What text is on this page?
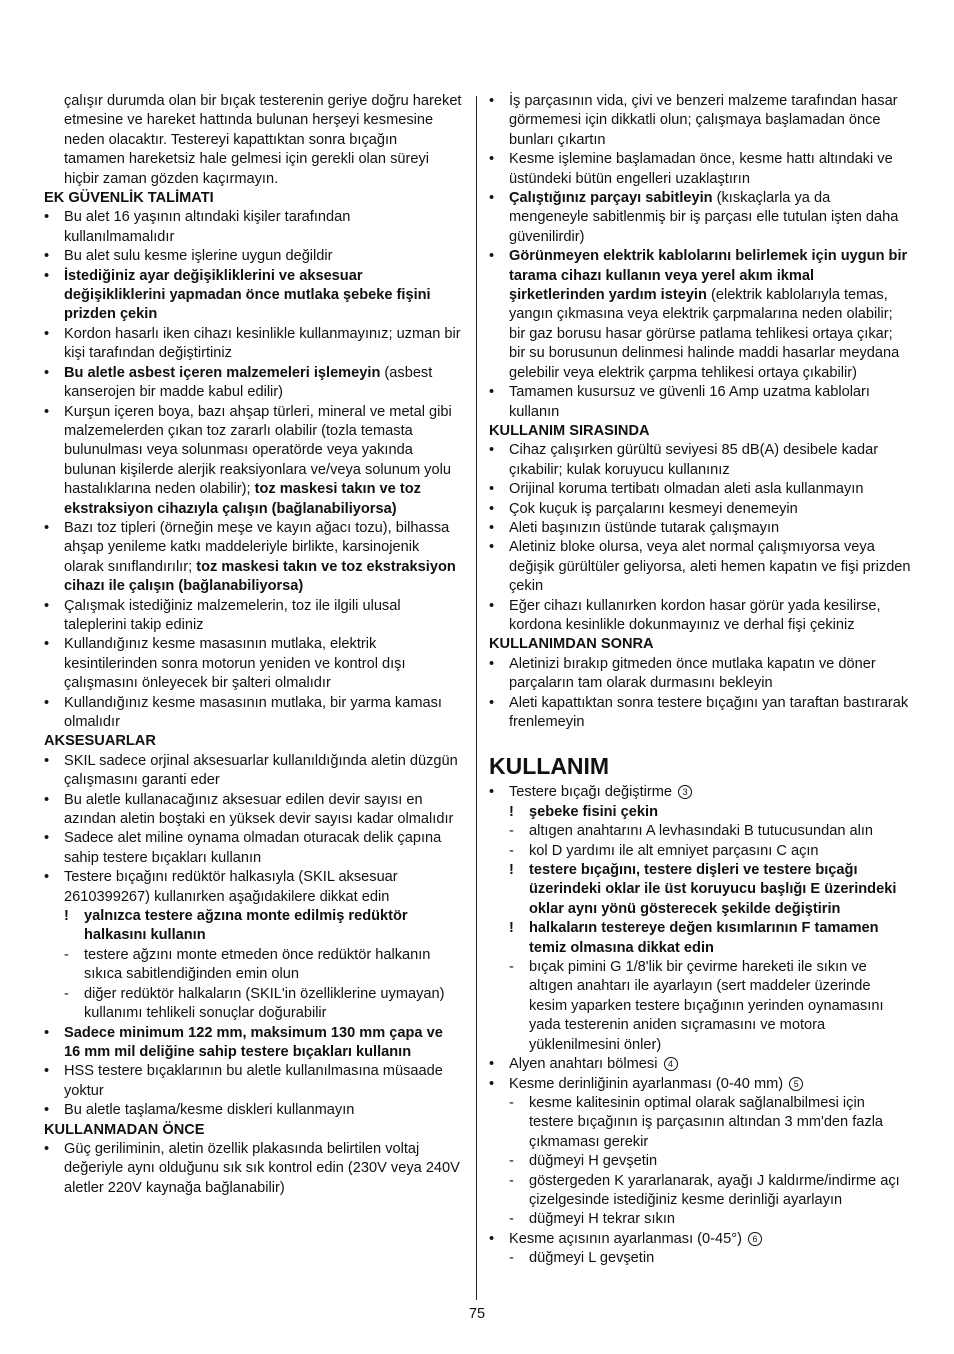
çalışır durumda olan bir bıçak testerenin geriye doğru hareket etmesine ve hareket hattında bulunan herşeyi kesmesine neden olacaktır. Testereyi kapattıktan sonra bıçağın tamamen hareketsiz hale gelmesi için gerekli olan süreyi hiçbir zaman gözden kaçırmayın.

EK GÜVENLİK TALİMATI

•	Bu alet 16 yaşının altındaki kişiler tarafından kullanılmamalıdır
•	Bu alet sulu kesme işlerine uygun değildir
•	İstediğiniz ayar değişikliklerini ve aksesuar değişikliklerini yapmadan önce mutlaka şebeke fişini prizden çekin
•	Kordon hasarlı iken cihazı kesinlikle kullanmayınız; uzman bir kişi tarafından değiştirtiniz
•	Bu aletle asbest içeren malzemeleri işlemeyin (asbest kanserojen bir madde kabul edilir)
•	Kurşun içeren boya, bazı ahşap türleri, mineral ve metal gibi malzemelerden çıkan toz zararlı olabilir (tozla temasta bulunulması veya solunması operatörde veya yakında bulunan kişilerde alerjik reaksiyonlara ve/veya solunum yolu hastalıklarına neden olabilir); toz maskesi takın ve toz ekstraksiyon cihazıyla çalışın (bağlanabiliyorsa)
•	Bazı toz tipleri (örneğin meşe ve kayın ağacı tozu), bilhassa ahşap yenileme katkı maddeleriyle birlikte, karsinojenik olarak sınıflandırılır; toz maskesi takın ve toz ekstraksiyon cihazı ile çalışın (bağlanabiliyorsa)
•	Çalışmak istediğiniz malzemelerin, toz ile ilgili ulusal taleplerini takip ediniz
•	Kullandığınız kesme masasının mutlaka, elektrik kesintilerinden sonra motorun yeniden ve kontrol dışı çalışmasını önleyecek bir şalteri olmalıdır
•	Kullandığınız kesme masasının mutlaka, bir yarma kaması olmalıdır

AKSESUARLAR

•	SKIL sadece orjinal aksesuarlar kullanıldığında aletin düzgün çalışmasını garanti eder
•	Bu aletle kullanacağınız aksesuar edilen devir sayısı en azından aletin boştaki en yüksek devir sayısı kadar olmalıdır
•	Sadece alet miline oynama olmadan oturacak delik çapına sahip testere bıçakları kullanın
•	Testere bıçağını redüktör halkasıyla (SKIL aksesuar 2610399267) kullanırken aşağıdakilere dikkat edin
! yalnızca testere ağzına monte edilmiş redüktör halkasını kullanın
- testere ağzını monte etmeden önce redüktör halkanın sıkıca sabitlendiğinden emin olun
- diğer redüktör halkaların (SKIL'in özelliklerine uymayan) kullanımı tehlikeli sonuçlar doğurabilir
•	Sadece minimum 122 mm, maksimum 130 mm çapa ve 16 mm mil deliğine sahip testere bıçakları kullanın
•	HSS testere bıçaklarının bu aletle kullanılmasına müsaade yoktur
•	Bu aletle taşlama/kesme diskleri kullanmayın

KULLANMADAN ÖNCE

•	Güç geriliminin, aletin özellik plakasında belirtilen voltaj değeriyle aynı olduğunu sık sık kontrol edin (230V veya 240V aletler 220V kaynağa bağlanabilir)
•	İş parçasının vida, çivi ve benzeri malzeme tarafından hasar görmemesi için dikkatli olun; çalışmaya başlamadan önce bunları çıkartın
•	Kesme işlemine başlamadan önce, kesme hattı altındaki ve üstündeki bütün engelleri uzaklaştırın
•	Çalıştığınız parçayı sabitleyin (kıskaçlarla ya da mengeneyle sabitlenmiş bir iş parçası elle tutulan işten daha güvenilirdir)
•	Görünmeyen elektrik kablolarını belirlemek için uygun bir tarama cihazı kullanın veya yerel akım ikmal şirketlerinden yardım isteyin (elektrik kablolarıyla temas, yangın çıkmasına veya elektrik çarpmalarına neden olabilir; bir gaz borusu hasar görürse patlama tehlikesi ortaya çıkar; bir su borusunun delinmesi halinde maddi hasarlar meydana gelebilir veya elektrik çarpma tehlikesi ortaya çıkabilir)
•	Tamamen kusursuz ve güvenli 16 Amp uzatma kabloları kullanın

KULLANIM SIRASINDA

•	Cihaz çalışırken gürültü seviyesi 85 dB(A) desibele kadar çıkabilir; kulak koruyucu kullanınız
•	Orijinal koruma tertibatı olmadan aleti asla kullanmayın
•	Çok kuçuk iş parçalarını kesmeyi denemeyin
•	Aleti başınızın üstünde tutarak çalışmayın
•	Aletiniz bloke olursa, veya alet normal çalışmıyorsa veya değişik gürültüler geliyorsa, aleti hemen kapatın ve fişi prizden çekin
•	Eğer cihazı kullanırken kordon hasar görür yada kesilirse, kordona kesinlikle dokunmayınız ve derhal fişi çekiniz

KULLANIMDAN SONRA

•	Aletinizi bırakıp gitmeden önce mutlaka kapatın ve döner parçaların tam olarak durmasını bekleyin
•	Aleti kapattıktan sonra testere bıçağını yan taraftan bastırarak frenlemeyin

KULLANIM

•	Testere bıçağı değiştirme 3
! şebeke fisini çekin
- altıgen anahtarını A levhasındaki B tutucusundan alın
- kol D yardımı ile alt emniyet parçasını C açın
! testere bıçağını, testere dişleri ve testere bıçağı üzerindeki oklar ile üst koruyucu başlığı E üzerindeki oklar aynı yönü gösterecek şekilde değiştirin
! halkaların testereye değen kısımlarının F tamamen temiz olmasına dikkat edin
- bıçak pimini G 1/8'lik bir çevirme hareketi ile sıkın ve altıgen anahtarı ile ayarlayın (sert maddeler üzerinde kesim yaparken testere bıçağının yerinden oynamasını yada testerenin aniden sıçramasını ve motora yüklenilmesini önler)
•	Alyen anahtarı bölmesi 4
•	Kesme derinliğinin ayarlanması (0-40 mm) 5
- kesme kalitesinin optimal olarak sağlanalbilmesi için testere bıçağının iş parçasının altından 3 mm'den fazla çıkmaması gerekir
- düğmeyi H gevşetin
- göstergeden K yararlanarak, ayağı J kaldırme/indirme açı çizelgesinde istediğiniz kesme derinliği ayarlayın
- düğmeyi H tekrar sıkın
•	Kesme açısının ayarlanması (0-45°) 6
- düğmeyi L gevşetin
75
